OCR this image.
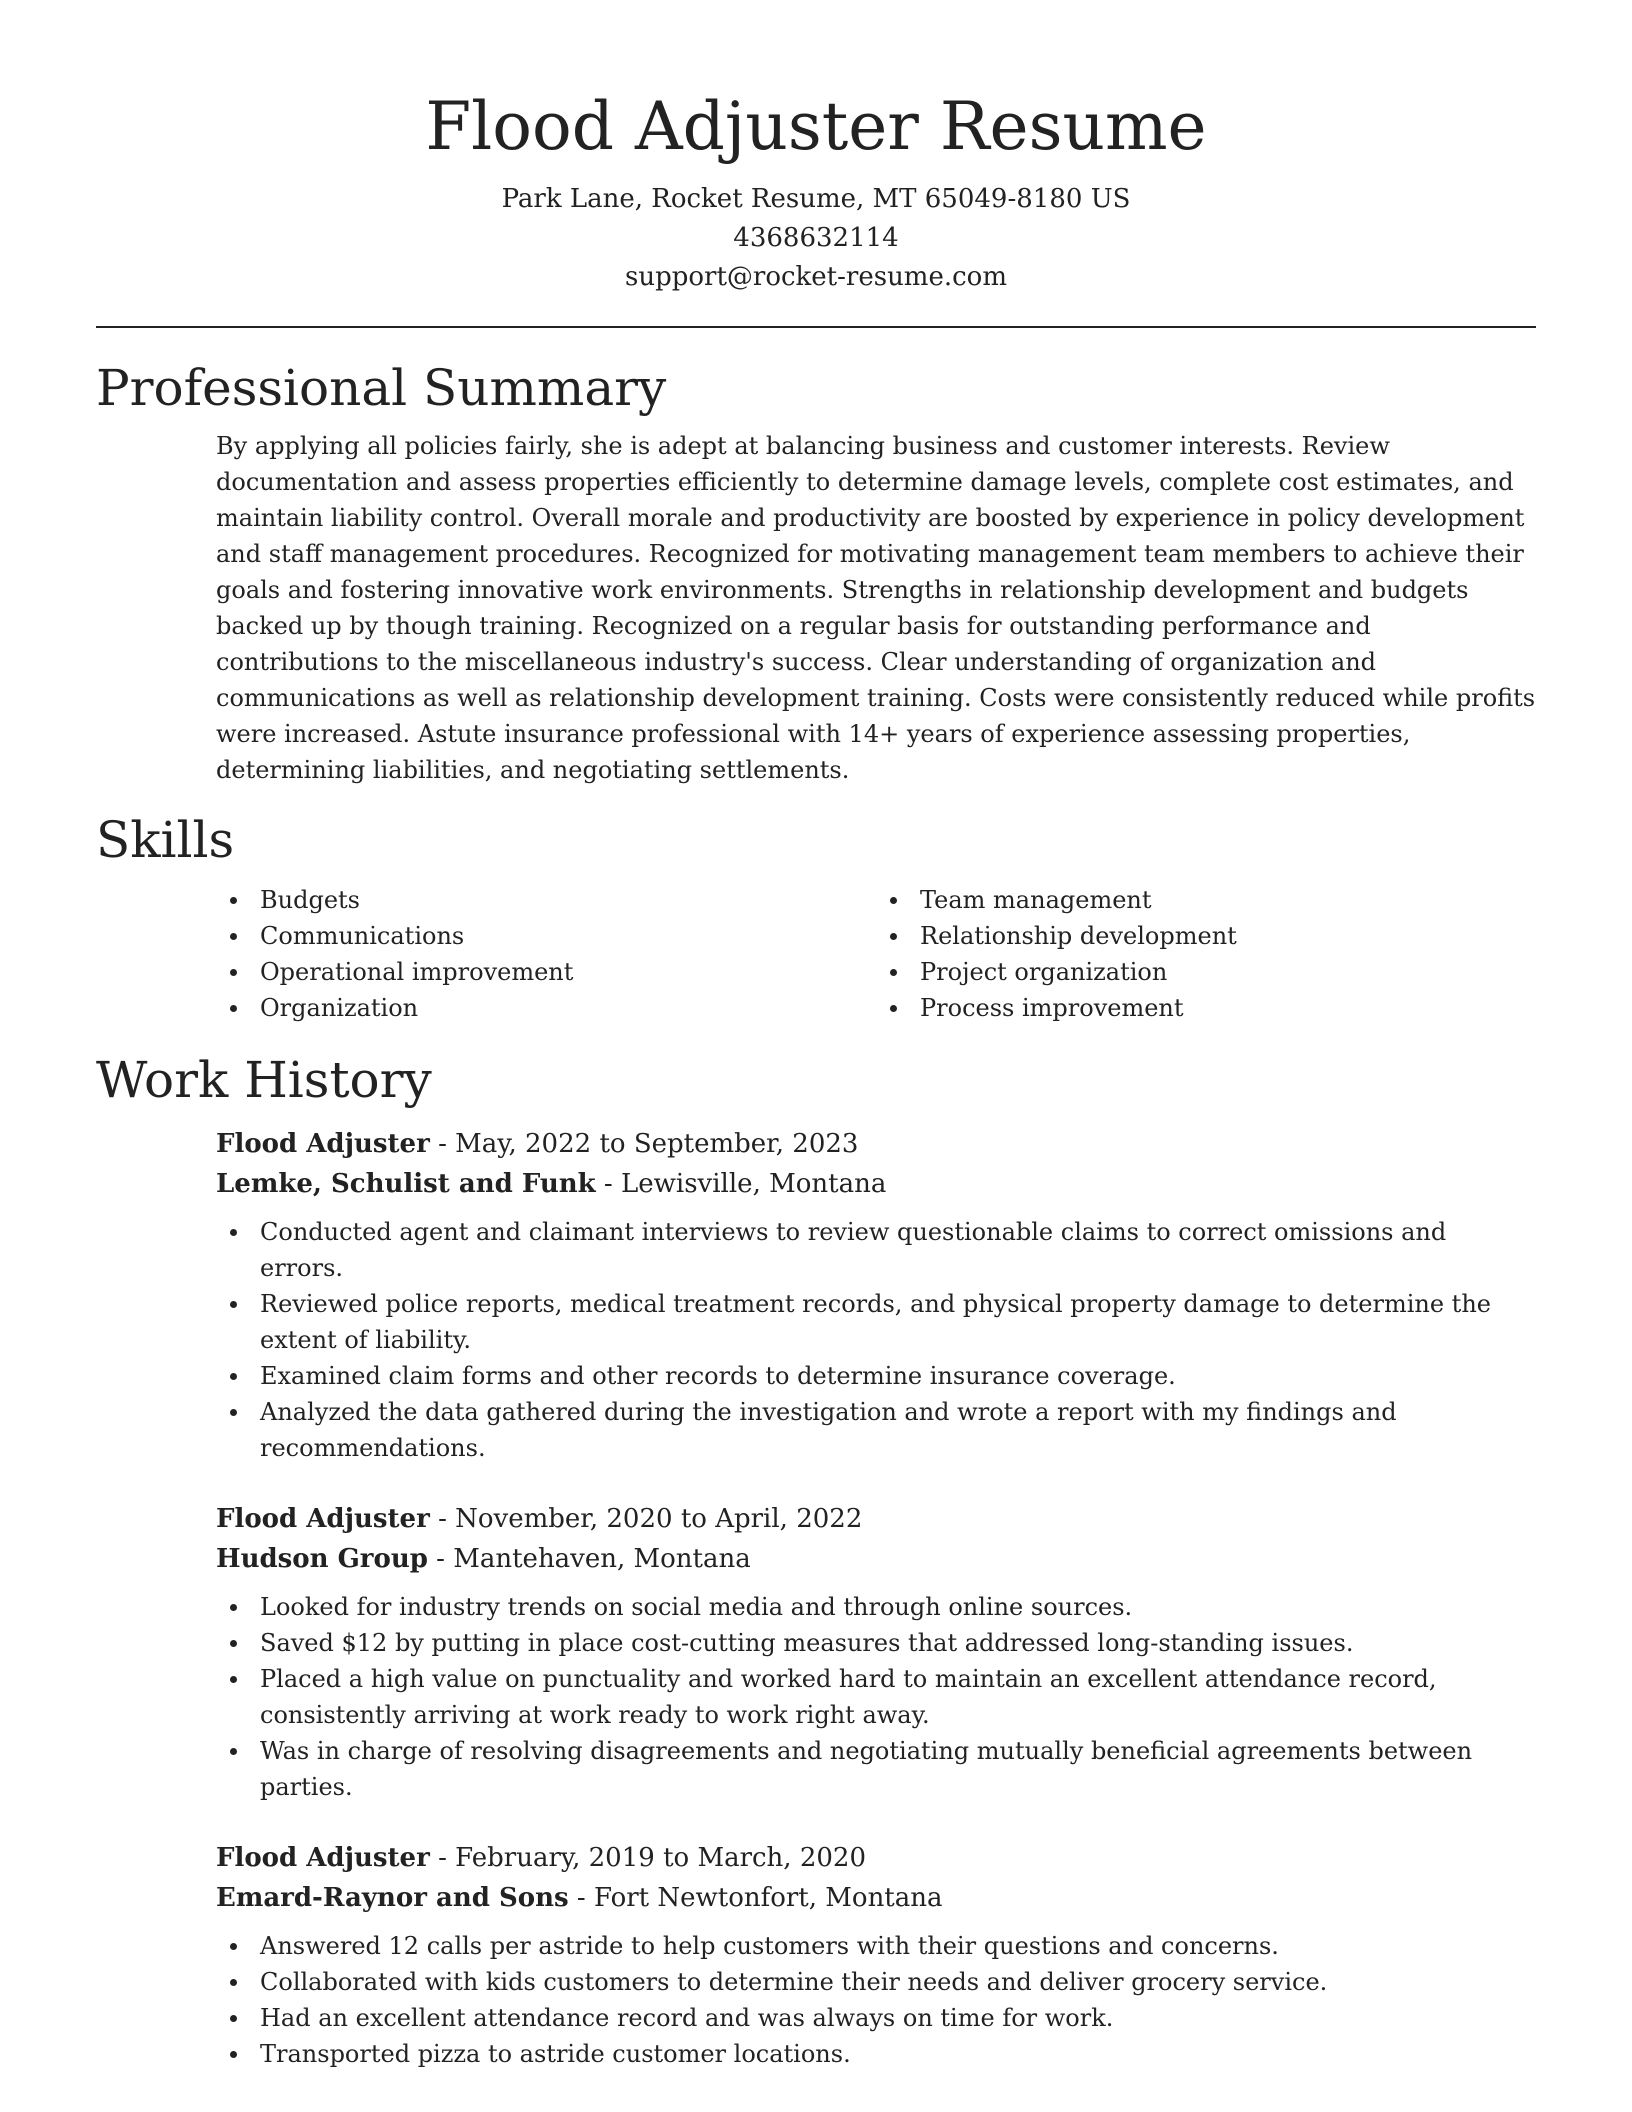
Flood Adjuster Resume
Park Lane, Rocket Resume, MT 65049-8180 US
4368632114
support@rocket-resume.com
Professional Summary

By applying all policies fairly, she is adept at balancing business and customer interests. Review documentation and assess properties efficiently to determine damage levels, complete cost estimates, and maintain liability control. Overall morale and productivity are boosted by experience in policy development and staff management procedures. Recognized for motivating management team members to achieve their goals and fostering innovative work environments. Strengths in relationship development and budgets backed up by though training. Recognized on a regular basis for outstanding performance and contributions to the miscellaneous industry's success. Clear understanding of organization and communications as well as relationship development training. Costs were consistently reduced while profits were increased. Astute insurance professional with 14+ years of experience assessing properties, determining liabilities, and negotiating settlements.

Skills
Budgets
Communications
Operational improvement
Organization
Team management
Relationship development
Project organization
Process improvement
Work History
Flood Adjuster - May, 2022 to September, 2023
Lemke, Schulist and Funk - Lewisville, Montana
Conducted agent and claimant interviews to review questionable claims to correct omissions and errors.
Reviewed police reports, medical treatment records, and physical property damage to determine the extent of liability.
Examined claim forms and other records to determine insurance coverage.
Analyzed the data gathered during the investigation and wrote a report with my findings and recommendations.
Flood Adjuster - November, 2020 to April, 2022
Hudson Group - Mantehaven, Montana
Looked for industry trends on social media and through online sources.
Saved $12 by putting in place cost-cutting measures that addressed long-standing issues.
Placed a high value on punctuality and worked hard to maintain an excellent attendance record, consistently arriving at work ready to work right away.
Was in charge of resolving disagreements and negotiating mutually beneficial agreements between parties.
Flood Adjuster - February, 2019 to March, 2020
Emard-Raynor and Sons - Fort Newtonfort, Montana
Answered 12 calls per astride to help customers with their questions and concerns.
Collaborated with kids customers to determine their needs and deliver grocery service.
Had an excellent attendance record and was always on time for work.
Transported pizza to astride customer locations.
